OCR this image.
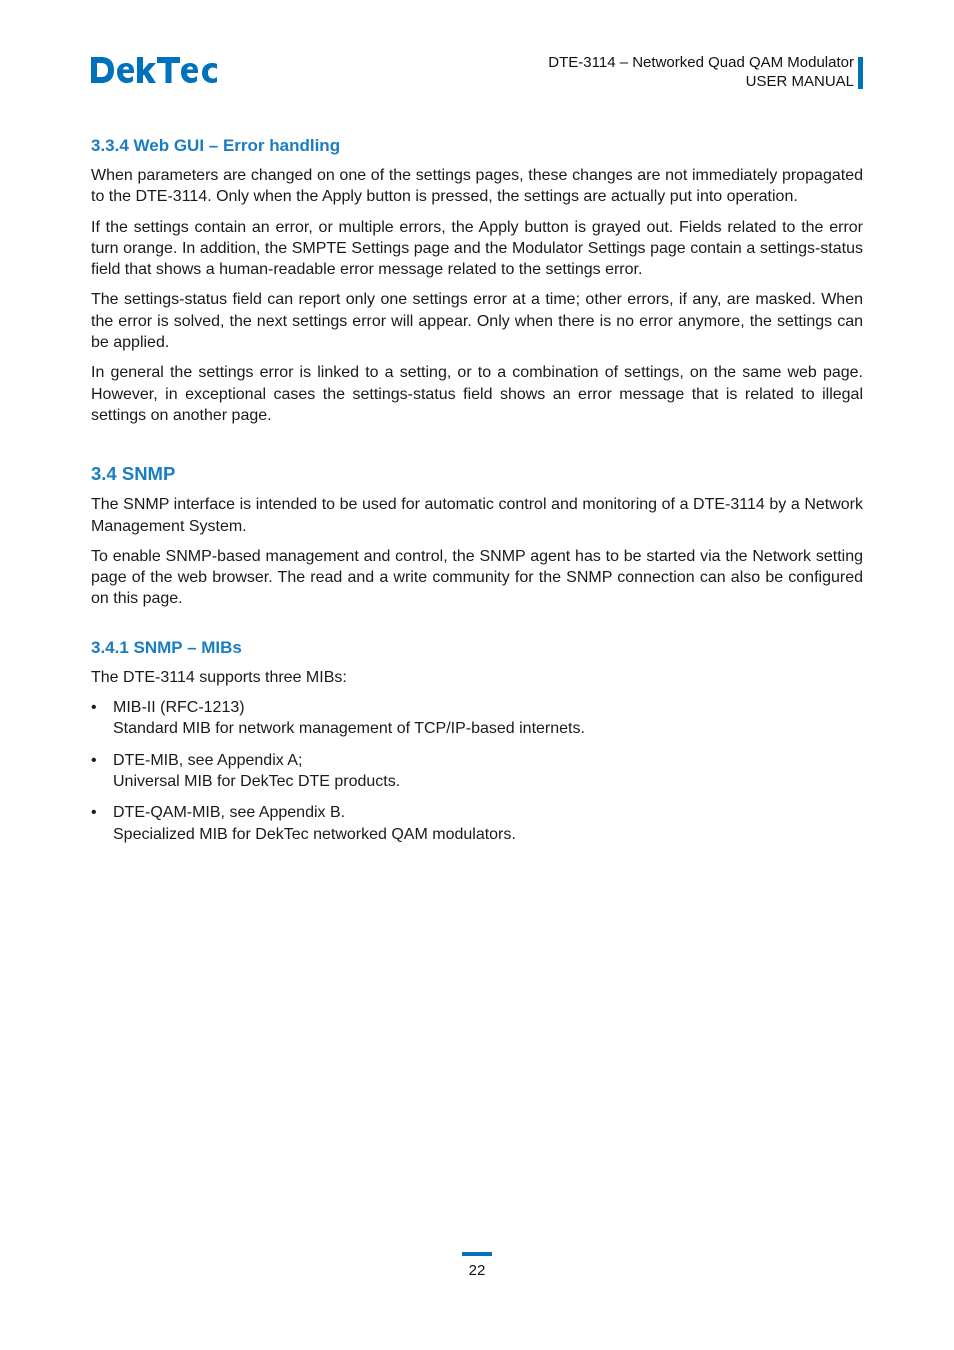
DTE-3114 – Networked Quad QAM Modulator
USER MANUAL
3.3.4 Web GUI – Error handling

When parameters are changed on one of the settings pages, these changes are not immediately propagated to the DTE-3114. Only when the Apply button is pressed, the settings are actually put into operation.

If the settings contain an error, or multiple errors, the Apply button is grayed out. Fields related to the error turn orange. In addition, the SMPTE Settings page and the Modulator Settings page contain a settings-status field that shows a human-readable error message related to the settings error.

The settings-status field can report only one settings error at a time; other errors, if any, are masked. When the error is solved, the next settings error will appear. Only when there is no error anymore, the settings can be applied.

In general the settings error is linked to a setting, or to a combination of settings, on the same web page. However, in exceptional cases the settings-status field shows an error message that is related to illegal settings on another page.

3.4 SNMP

The SNMP interface is intended to be used for automatic control and monitoring of a DTE-3114 by a Network Management System.

To enable SNMP-based management and control, the SNMP agent has to be started via the Network setting page of the web browser. The read and a write community for the SNMP connection can also be configured on this page.

3.4.1 SNMP – MIBs

The DTE-3114 supports three MIBs:

• MIB-II (RFC-1213)
Standard MIB for network management of TCP/IP-based internets.
• DTE-MIB, see Appendix A;
Universal MIB for DekTec DTE products.
• DTE-QAM-MIB, see Appendix B.
Specialized MIB for DekTec networked QAM modulators.
22
